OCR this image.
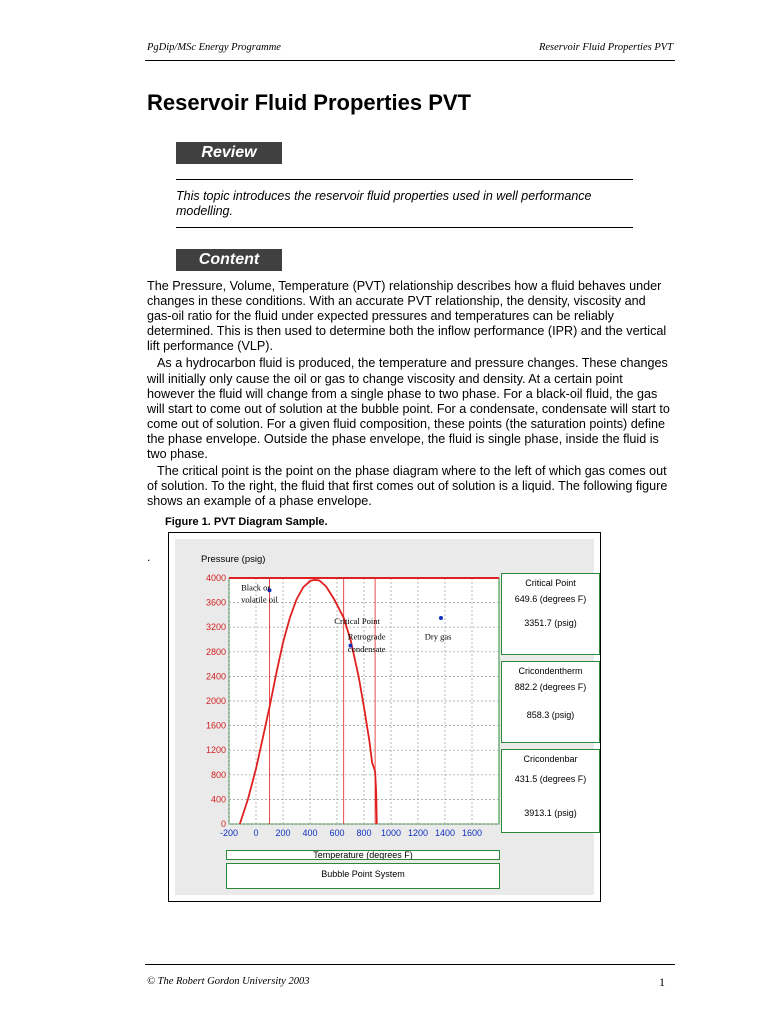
PgDip/MSc Energy Programme	Reservoir Fluid Properties PVT
Reservoir Fluid Properties PVT
Review
This topic introduces the reservoir fluid properties used in well performance modelling.
Content

The Pressure, Volume, Temperature (PVT) relationship describes how a fluid behaves under changes in these conditions. With an accurate PVT relationship, the density, viscosity and gas-oil ratio for the fluid under expected pressures and temperatures can be reliably determined. This is then used to determine both the inflow performance (IPR) and the vertical lift performance (VLP).

As a hydrocarbon fluid is produced, the temperature and pressure changes. These changes will initially only cause the oil or gas to change viscosity and density. At a certain point however the fluid will change from a single phase to two phase. For a black-oil fluid, the gas will start to come out of solution at the bubble point. For a condensate, condensate will start to come out of solution. For a given fluid composition, these points (the saturation points) define the phase envelope. Outside the phase envelope, the fluid is single phase, inside the fluid is two phase.

The critical point is the point on the phase diagram where to the left of which gas comes out of solution. To the right, the fluid that first comes out of solution is a liquid. The following figure shows an example of a phase envelope.

Figure 1. PVT Diagram Sample.
.
0
400
800
1200
1600
2000
2400
2800
3200
3600
4000
-200 0 200 400 600 800 1000 1200 1400 1600
Pressure (psig)
Black or
volatile oil
Critical Point
Retrograde
condensate
Dry gas
Critical Point
649.6 (degrees F)
3351.7 (psig)
Cricondentherm
882.2 (degrees F)
858.3 (psig)
Cricondenbar
431.5 (degrees F)
3913.1 (psig)
Temperature (degrees F)
Bubble Point System
© The Robert Gordon University 2003	1
